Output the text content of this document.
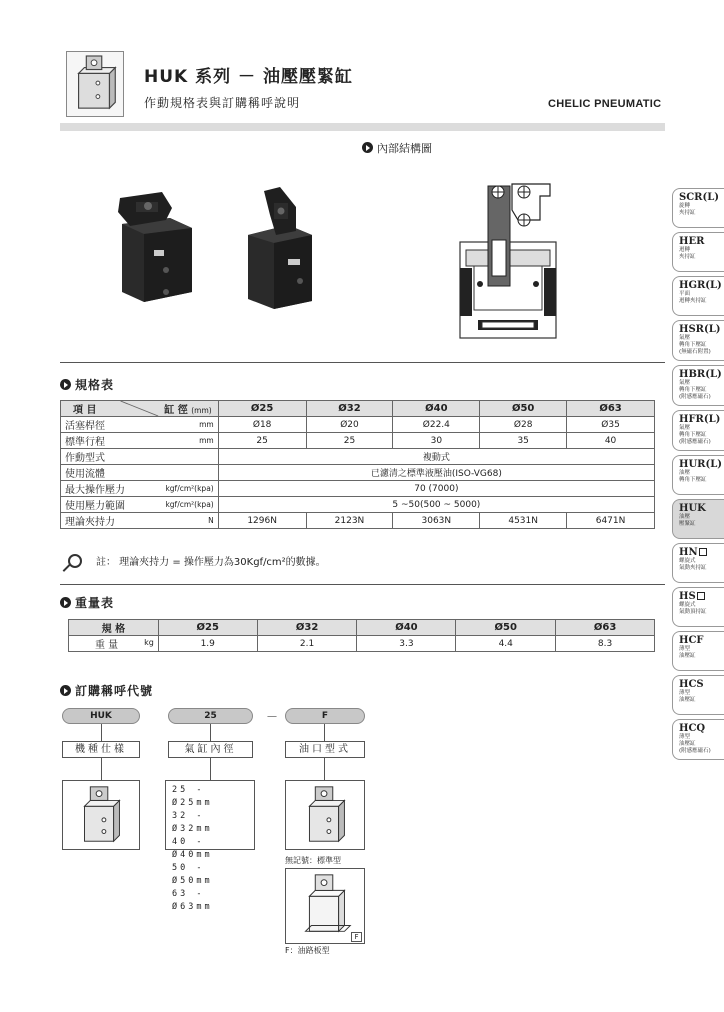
HUK 系列 － 油壓壓緊缸
作動規格表與訂購稱呼說明	CHELIC PNEUMATIC
內部結構圖
規格表
項 目 缸 徑 (mm)	Ø25	Ø32	Ø40	Ø50	Ø63
活塞桿徑 mm	Ø18	Ø20	Ø22.4	Ø28	Ø35
標準行程 mm	25	25	30	35	40
作動型式	複動式				
使用流體	已濾清之標準液壓油(ISO-VG68)				
最大操作壓力 kgf/cm²(kpa)	70 (7000)				
使用壓力範圍 kgf/cm²(kpa)	5 ~50(500 ~ 5000)				
理論夾持力 N	1296N	2123N	3063N	4531N	6471N
註： 理論夾持力 = 操作壓力為30Kgf/cm²的數據。
重量表
規 格	Ø25	Ø32	Ø40	Ø50	Ø63
重 量 kg	1.9	2.1	3.3	4.4	8.3
訂購稱呼代號
HUK	25	－	F
機種仕樣	氣缸內徑	油口型式
25 - Ø25mm
32 - Ø32mm
40 - Ø40mm
50 - Ø50mm
63 - Ø63mm
無記號：標準型
F
F：油路板型
SCR(L)
旋轉
夾持缸
HER
迴轉
夾持缸
HGR(L)
平面
迴轉夾持缸
HSR(L)
氣壓
轉角下壓缸
(無磁石附置)
HBR(L)
氣壓
轉角下壓缸
(附感應磁石)
HFR(L)
氣壓
轉角下壓缸
(附感應磁石)
HUR(L)
油壓
轉角下壓缸
HUK
油壓
壓緊缸
HN
螺旋式
氣動夾持缸
HS
螺旋式
氣動頂持缸
HCF
薄型
油壓缸
HCS
薄型
油壓缸
HCQ
薄型
油壓缸
(附感應磁石)
